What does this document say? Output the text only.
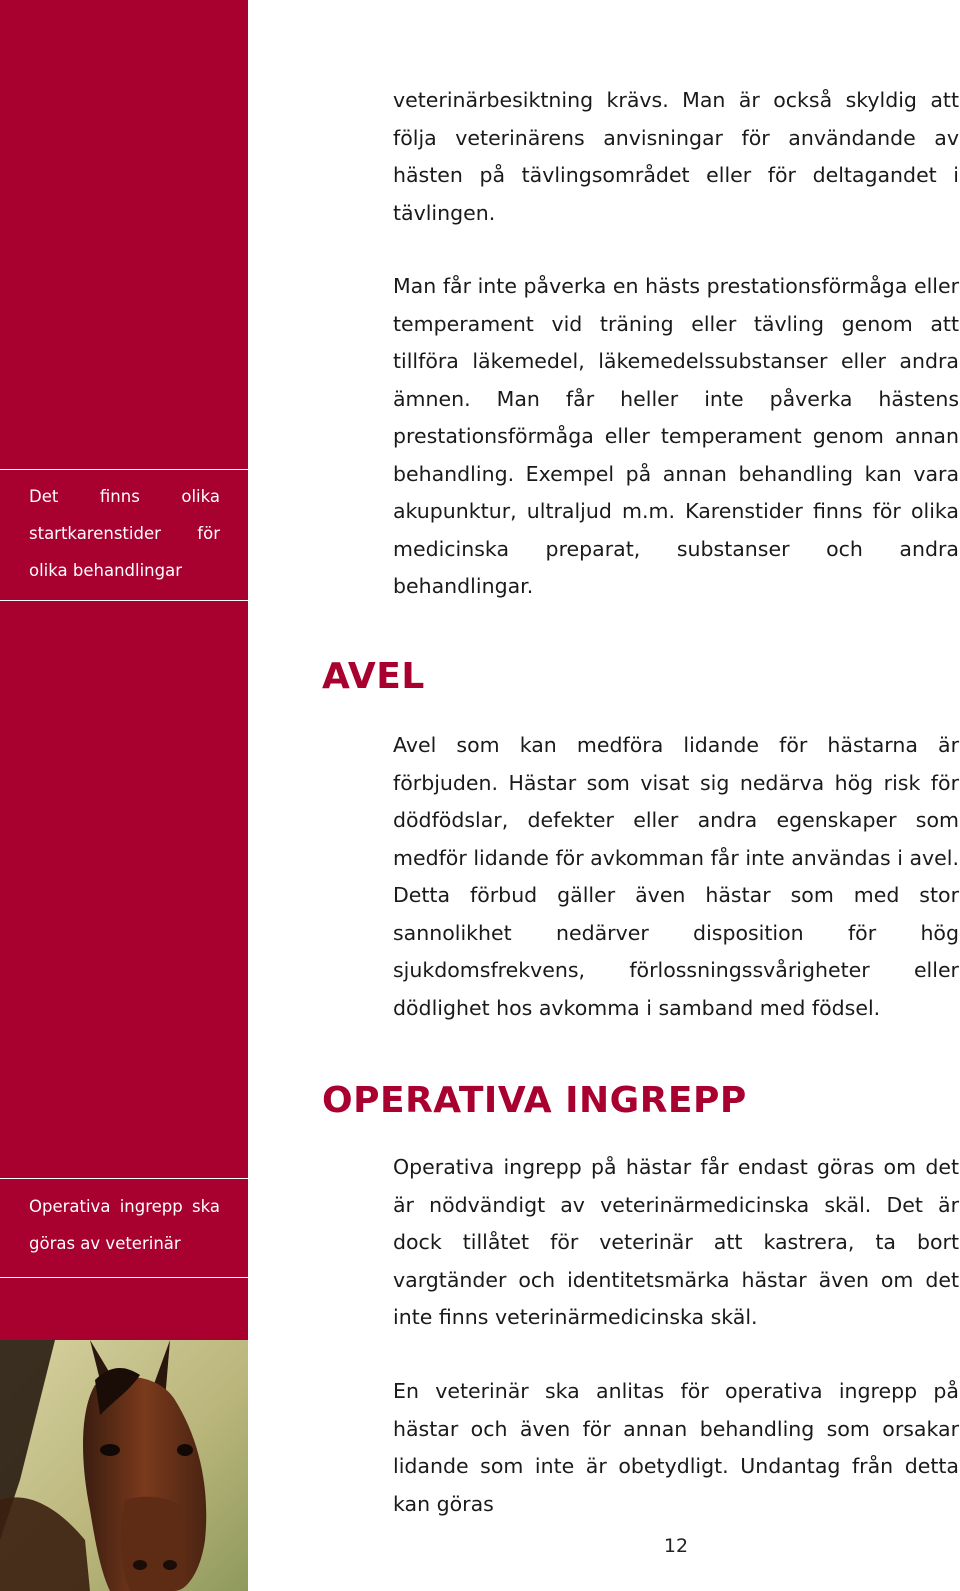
Det finns olika startkarenstider för olika behandlingar
Operativa ingrepp ska göras av veterinär
veterinärbesiktning krävs. Man är också skyldig att följa veterinärens anvisningar för användande av hästen på tävlingsområdet eller för deltagandet i tävlingen.
Man får inte påverka en hästs prestationsförmåga eller temperament vid träning eller tävling genom att tillföra läkemedel, läkemedelssubstanser eller andra ämnen. Man får heller inte påverka hästens prestationsförmåga eller temperament genom annan behandling. Exempel på annan behandling kan vara akupunktur, ultraljud m.m. Karenstider finns för olika medicinska preparat, substanser och andra behandlingar.
AVEL
Avel som kan medföra lidande för hästarna är förbjuden. Hästar som visat sig nedärva hög risk för dödfödslar, defekter eller andra egenskaper som medför lidande för avkomman får inte användas i avel. Detta förbud gäller även hästar som med stor sannolikhet nedärver disposition för hög sjukdomsfrekvens, förlossningssvårigheter eller dödlighet hos avkomma i samband med födsel.
OPERATIVA INGREPP
Operativa ingrepp på hästar får endast göras om det är nödvändigt av veterinärmedicinska skäl. Det är dock tillåtet för veterinär att kastrera, ta bort vargtänder och identitetsmärka hästar även om det inte finns veterinärmedicinska skäl.
En veterinär ska anlitas för operativa ingrepp på hästar och även för annan behandling som orsakar lidande som inte är obetydligt. Undantag från detta kan göras
12
